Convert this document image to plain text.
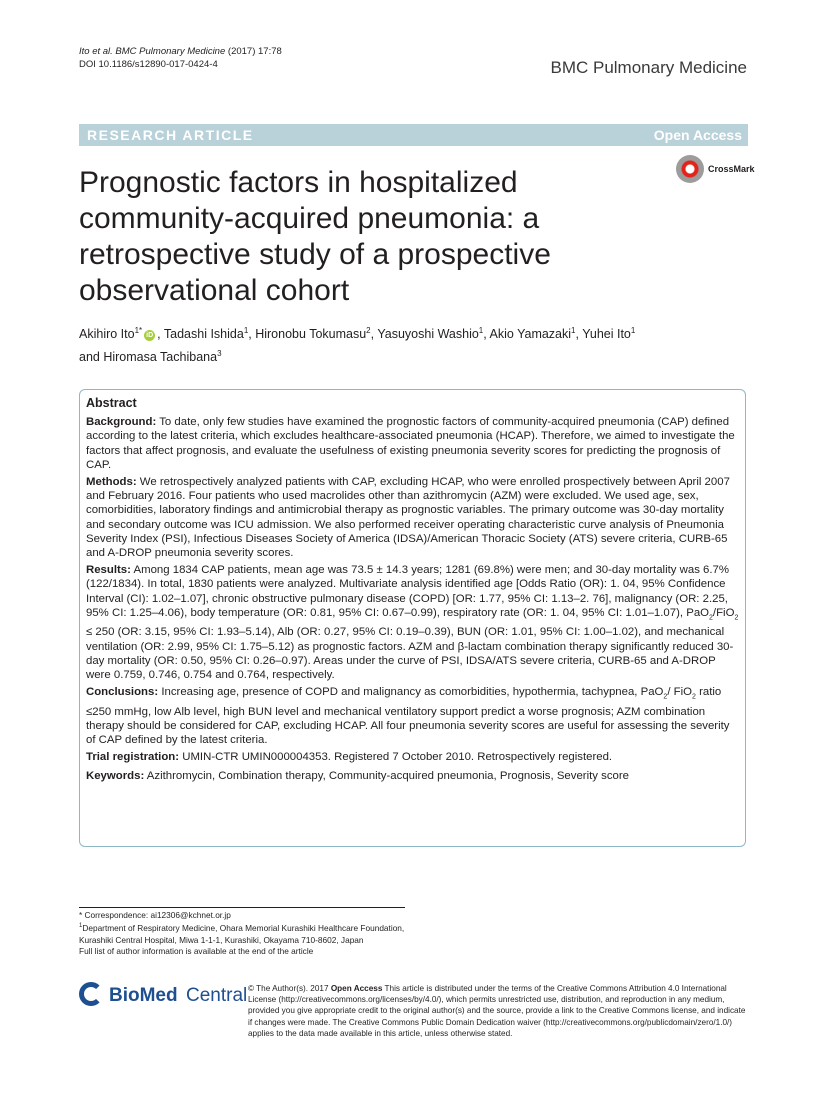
Ito et al. BMC Pulmonary Medicine (2017) 17:78
DOI 10.1186/s12890-017-0424-4	BMC Pulmonary Medicine
RESEARCH ARTICLE	Open Access
CrossMark
Prognostic factors in hospitalized community-acquired pneumonia: a retrospective study of a prospective observational cohort
Akihiro Ito$^{1*}$iD , Tadashi Ishida$^1$, Hironobu Tokumasu$^2$, Yasuyoshi Washio$^1$, Akio Yamazaki$^1$, Yuhei Ito$^1$
and Hiromasa Tachibana$^3$
Abstract

Background: To date, only few studies have examined the prognostic factors of community-acquired pneumonia (CAP) defined according to the latest criteria, which excludes healthcare-associated pneumonia (HCAP). Therefore, we aimed to investigate the factors that affect prognosis, and evaluate the usefulness of existing pneumonia severity scores for predicting the prognosis of CAP.

Methods: We retrospectively analyzed patients with CAP, excluding HCAP, who were enrolled prospectively between April 2007 and February 2016. Four patients who used macrolides other than azithromycin (AZM) were excluded. We used age, sex, comorbidities, laboratory findings and antimicrobial therapy as prognostic variables. The primary outcome was 30-day mortality and secondary outcome was ICU admission. We also performed receiver operating characteristic curve analysis of Pneumonia Severity Index (PSI), Infectious Diseases Society of America (IDSA)/American Thoracic Society (ATS) severe criteria, CURB-65 and A-DROP pneumonia severity scores.

Results: Among 1834 CAP patients, mean age was 73.5 ± 14.3 years; 1281 (69.8%) were men; and 30-day mortality was 6.7% (122/1834). In total, 1830 patients were analyzed. Multivariate analysis identified age [Odds Ratio (OR): 1. 04, 95% Confidence Interval (CI): 1.02–1.07], chronic obstructive pulmonary disease (COPD) [OR: 1.77, 95% CI: 1.13–2. 76], malignancy (OR: 2.25, 95% CI: 1.25–4.06), body temperature (OR: 0.81, 95% CI: 0.67–0.99), respiratory rate (OR: 1. 04, 95% CI: 1.01–1.07), PaO$_2$/FiO$_2$ ≤ 250 (OR: 3.15, 95% CI: 1.93–5.14), Alb (OR: 0.27, 95% CI: 0.19–0.39), BUN (OR: 1.01, 95% CI: 1.00–1.02), and mechanical ventilation (OR: 2.99, 95% CI: 1.75–5.12) as prognostic factors. AZM and β-lactam combination therapy significantly reduced 30-day mortality (OR: 0.50, 95% CI: 0.26–0.97). Areas under the curve of PSI, IDSA/ATS severe criteria, CURB-65 and A-DROP were 0.759, 0.746, 0.754 and 0.764, respectively.

Conclusions: Increasing age, presence of COPD and malignancy as comorbidities, hypothermia, tachypnea, PaO$_2$/ FiO$_2$ ratio ≤250 mmHg, low Alb level, high BUN level and mechanical ventilatory support predict a worse prognosis; AZM combination therapy should be considered for CAP, excluding HCAP. All four pneumonia severity scores are useful for assessing the severity of CAP defined by the latest criteria.

Trial registration: UMIN-CTR UMIN000004353. Registered 7 October 2010. Retrospectively registered.

Keywords: Azithromycin, Combination therapy, Community-acquired pneumonia, Prognosis, Severity score

* Correspondence: ai12306@kchnet.or.jp
$^1$Department of Respiratory Medicine, Ohara Memorial Kurashiki Healthcare Foundation, Kurashiki Central Hospital, Miwa 1-1-1, Kurashiki, Okayama 710-8602, Japan
Full list of author information is available at the end of the article
BioMed Central © The Author(s). 2017 Open Access This article is distributed under the terms of the Creative Commons Attribution 4.0 International License (http://creativecommons.org/licenses/by/4.0/), which permits unrestricted use, distribution, and reproduction in any medium, provided you give appropriate credit to the original author(s) and the source, provide a link to the Creative Commons license, and indicate if changes were made. The Creative Commons Public Domain Dedication waiver (http://creativecommons.org/publicdomain/zero/1.0/) applies to the data made available in this article, unless otherwise stated.
